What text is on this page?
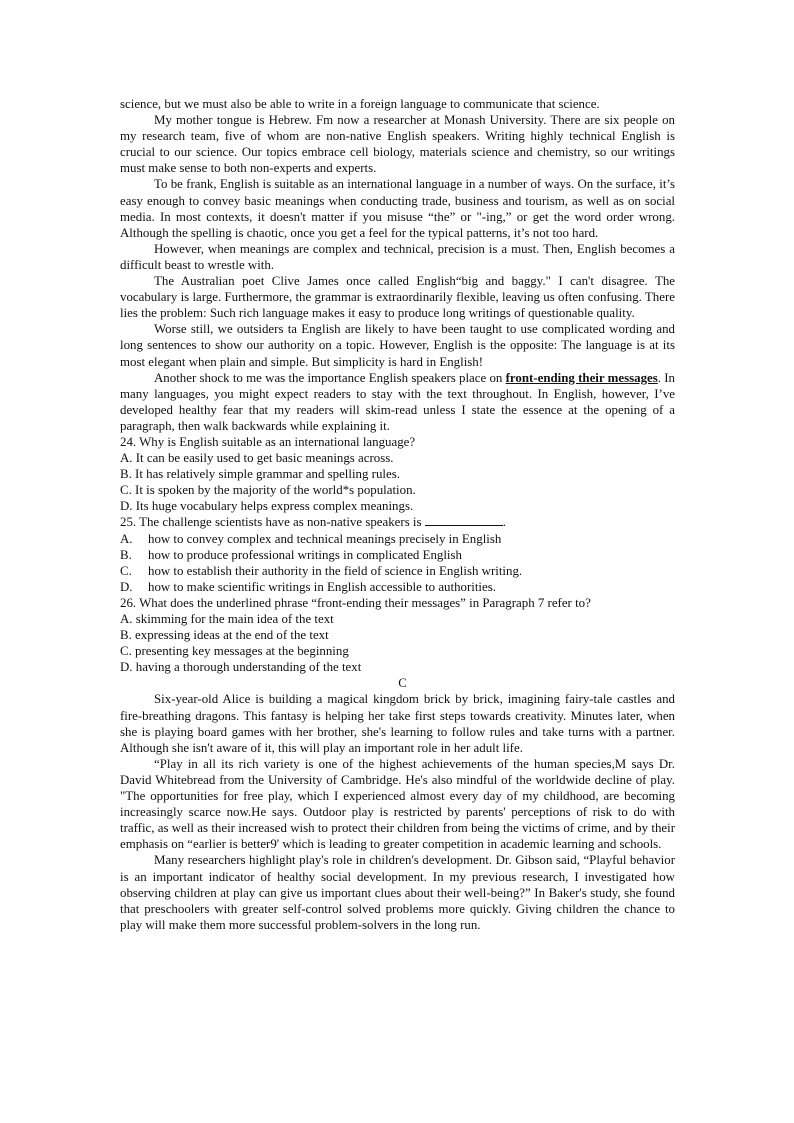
science, but we must also be able to write in a foreign language to communicate that science.

My mother tongue is Hebrew. Fm now a researcher at Monash University. There are six people on my research team, five of whom are non-native English speakers. Writing highly technical English is crucial to our science. Our topics embrace cell biology, materials science and chemistry, so our writings must make sense to both non-experts and experts.

To be frank, English is suitable as an international language in a number of ways. On the surface, it’s easy enough to convey basic meanings when conducting trade, business and tourism, as well as on social media. In most contexts, it doesn't matter if you misuse “the” or "-ing,” or get the word order wrong. Although the spelling is chaotic, once you get a feel for the typical patterns, it’s not too hard.

However, when meanings are complex and technical, precision is a must. Then, English becomes a difficult beast to wrestle with.

The Australian poet Clive James once called English“big and baggy." I can't disagree. The vocabulary is large. Furthermore, the grammar is extraordinarily flexible, leaving us often confusing. There lies the problem: Such rich language makes it easy to produce long writings of questionable quality.

Worse still, we outsiders ta English are likely to have been taught to use complicated wording and long sentences to show our authority on a topic. However, English is the opposite: The language is at its most elegant when plain and simple. But simplicity is hard in English!

Another shock to me was the importance English speakers place on front-ending their messages. In many languages, you might expect readers to stay with the text throughout. In English, however, I’ve developed healthy fear that my readers will skim-read unless I state the essence at the opening of a paragraph, then walk backwards while explaining it.

24. Why is English suitable as an international language?

A. It can be easily used to get basic meanings across.

B. It has relatively simple grammar and spelling rules.

C. It is spoken by the majority of the world*s population.

D. Its huge vocabulary helps express complex meanings.

25. The challenge scientists have as non-native speakers is	.

A. how to convey complex and technical meanings precisely in English

B. how to produce professional writings in complicated English

C. how to establish their authority in the field of science in English writing.

D. how to make scientific writings in English accessible to authorities.

26. What does the underlined phrase “front-ending their messages” in Paragraph 7 refer to?

A. skimming for the main idea of the text

B. expressing ideas at the end of the text

C. presenting key messages at the beginning

D. having a thorough understanding of the text

C

Six-year-old Alice is building a magical kingdom brick by brick, imagining fairy-tale castles and fire-breathing dragons. This fantasy is helping her take first steps towards creativity. Minutes later, when she is playing board games with her brother, she's learning to follow rules and take turns with a partner. Although she isn't aware of it, this will play an important role in her adult life.

“Play in all its rich variety is one of the highest achievements of the human species,M says Dr. David Whitebread from the University of Cambridge. He's also mindful of the worldwide decline of play. "The opportunities for free play, which I experienced almost every day of my childhood, are becoming increasingly scarce now.He says. Outdoor play is restricted by parents' perceptions of risk to do with traffic, as well as their increased wish to protect their children from being the victims of crime, and by their emphasis on “earlier is better9' which is leading to greater competition in academic learning and schools.

Many researchers highlight play's role in children's development. Dr. Gibson said, “Playful behavior is an important indicator of healthy social development. In my previous research, I investigated how observing children at play can give us important clues about their well-being?” In Baker's study, she found that preschoolers with greater self-control solved problems more quickly. Giving children the chance to play will make them more successful problem-solvers in the long run.
